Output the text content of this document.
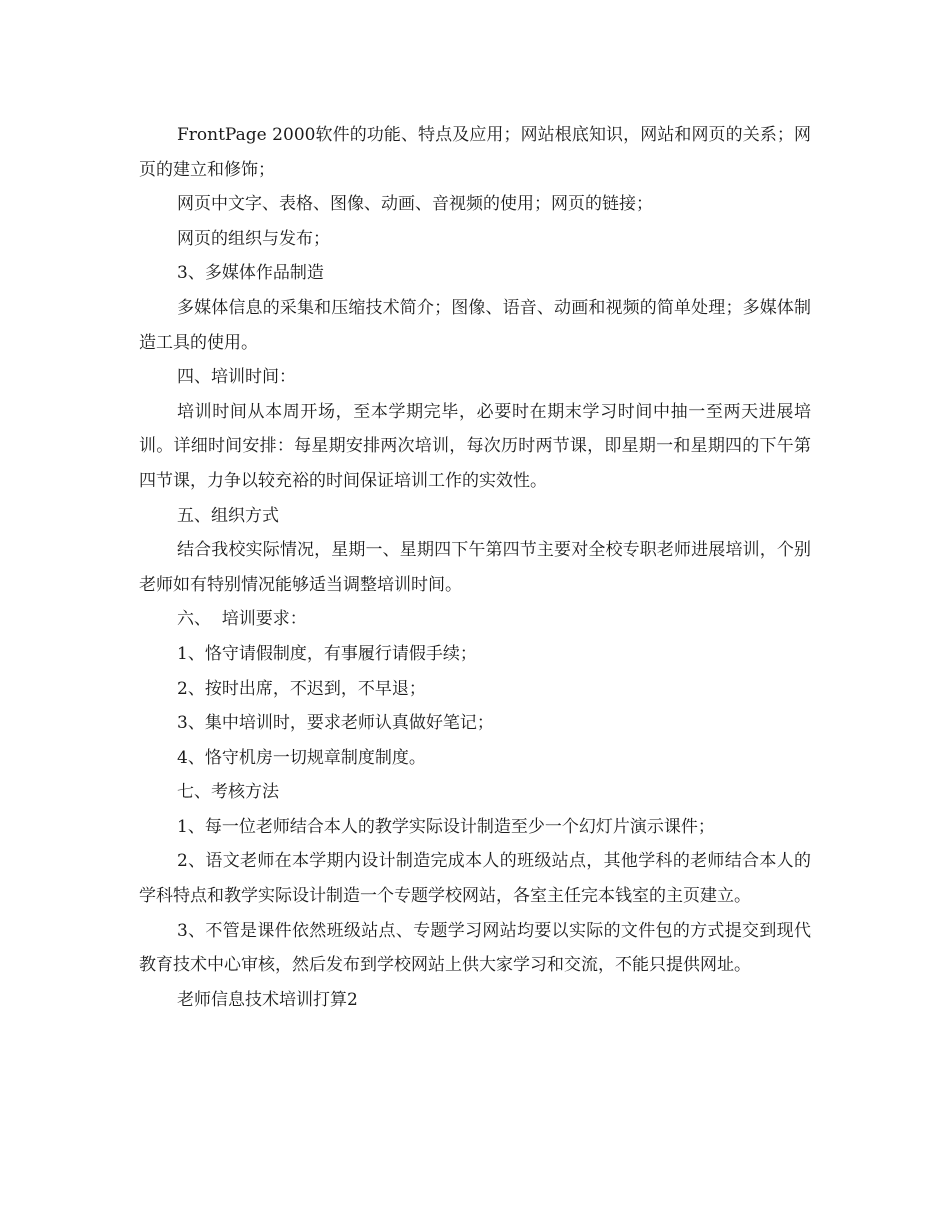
FrontPage 2000软件的功能、特点及应用；网站根底知识，网站和网页的关系；网页的建立和修饰；

网页中文字、表格、图像、动画、音视频的使用；网页的链接；

网页的组织与发布；

3、多媒体作品制造

多媒体信息的采集和压缩技术简介；图像、语音、动画和视频的简单处理；多媒体制造工具的使用。

四、培训时间：

培训时间从本周开场，至本学期完毕，必要时在期末学习时间中抽一至两天进展培训。详细时间安排：每星期安排两次培训，每次历时两节课，即星期一和星期四的下午第四节课，力争以较充裕的时间保证培训工作的实效性。

五、组织方式

结合我校实际情况，星期一、星期四下午第四节主要对全校专职老师进展培训，个别老师如有特别情况能够适当调整培训时间。

六、  培训要求：

1、恪守请假制度，有事履行请假手续；

2、按时出席，不迟到，不早退；

3、集中培训时，要求老师认真做好笔记；

4、恪守机房一切规章制度制度。

七、考核方法

1、每一位老师结合本人的教学实际设计制造至少一个幻灯片演示课件；

2、语文老师在本学期内设计制造完成本人的班级站点，其他学科的老师结合本人的学科特点和教学实际设计制造一个专题学校网站，各室主任完本钱室的主页建立。

3、不管是课件依然班级站点、专题学习网站均要以实际的文件包的方式提交到现代教育技术中心审核，然后发布到学校网站上供大家学习和交流，不能只提供网址。

老师信息技术培训打算2
